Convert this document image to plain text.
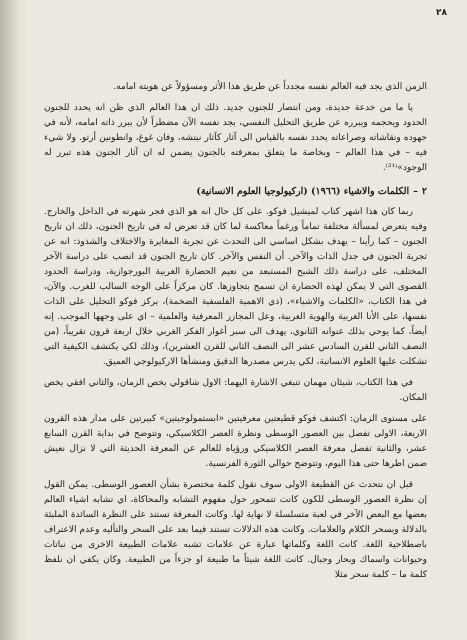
٢٨

الزمن الذي يجد فيه العالم نفسه مجدداً عن طريق هذا الأثر ومسؤولاً عن هويته امامه.

يا ما من خدعة جديدة، ومن انتصار للجنون جديد. ذلك ان هذا العالم الذي ظن انه يحدد للجنون الحدود ويحجمه ويبرره عن طريق التحليل النفسي، يجد نفسه الآن مضطراً لأن يبرر ذاته امامه، لأنه في جهوده ونقاشاته وصراعاته يحدد نفسه بالقياس الى آثار كآثار نيتشه، وفان غوغ، وانطونين أرتو. ولا شيء فيه – في هذا العالم – وبخاصة ما يتعلق بمعرفته بالجنون يضمن له ان آثار الجنون هذه تبرر له الوجود»⁽²¹⁾.

٢–الكلمات والاشياء (١٩٦٦) (اركيولوجيا العلوم الانسانية)

ربما كان هذا اشهر كتاب لميشيل فوكو. على كل حال انه هو الذي فجر شهرته في الداخل والخارج. وفيه يتعرض لمسألة مختلفة تماماً ورغماً معاكسة لما كان قد تعرض له في تاريخ الجنون، ذلك ان تاريخ الجنون – كما رأينا – يهدف بشكل اساسي الى التحدث عن تجربة المغايرة والاختلاف والشذوذ: انه عن تجربة الجنون في جدل الذات والآخر. أن النفس والآخر. كان تاريخ الجنون قد انصب على دراسة الآخر المختلف، على دراسة ذلك الشبح المستبعد من نعيم الحضارة الغربية البورجوازية، ودراسة الحدود القصوى التي لا يمكن لهذه الحضارة ان تسمح بتجاوزها. كان مركزاً على الوجه السالب للغرب. والآن، في هذا الكتاب، «الكلمات والاشياء»، (ذي الاهمية الفلسفية الضخمة)، يركز فوكو التحليل على الذات نفسها، على الأنا الغربية والهوية الغربية، وعل المجازر المعرفية والعلمية – اي على وجهها الموجب. إنه أيضاً، كما يوحي بذلك عنوانه الثانوي، يهدف الى سبر أغوار الفكر الغربي خلال اربعة قرون تقريباً، (من النصف الثاني للقرن السادس عشر الى النصف الثاني للقرن العشرين)، وذلك لكي يكتشف الكيفية التي تشكلت عليها العلوم الانسانية، لكي يدرس مصدرها الدقيق ومنشأها الاركيولوجي العميق.

في هذا الكتاب، شيئان مهمان تنبغي الاشارة اليهما: الاول شاقولي يخص الزمان، والثاني افقي يخص المكان.

على مستوى الزمان: اكتشف فوكو قطيعتين معرفيتين «ابستمولوجيتين» كبيرتين على مدار هذه القرون الاربعة، الاولى تفصل بين العصور الوسطى ونظرة العصر الكلاسيكي، وتتوضح في بداية القرن السابع عشر، والثانية تفصل معرفة العصر الكلاسيكي ورؤياه للعالم عن المعرفة الحديثة التي لا نزال نعيش ضمن اطرها حتى هذا اليوم، وتتوضح حوالي الثورة الفرنسية.

قبل ان نتحدث عن القطيعة الاولى سوف نقول كلمة مختصرة بشأن العصور الوسطى. يمكن القول إن نظرة العصور الوسطى للكون كانت تتمحور حول مفهوم التشابه والمحاكاة، اي تشابه اشياء العالم بعضها مع البعض الآخر في لعبة متسلسلة لا نهاية لها. وكانت المعرفة تستند على النظرة السائدة الملبئة بالدلالة وبسحر الكلام والعلامات. وكانت هذه الدلالات تستند فيما بعد على السحر والتأليه وعدم الاعتراف باصطلاحية اللغة. كانت اللغة وكلماتها عبارة عن علامات تشبه علامات الطبيعة الاخرى من نباتات وحيوانات واسماك وبحار وجبال. كانت اللغة شيئاً ما طبيعة او جزءاً من الطبيعة. وكان يكفي ان نلفظ كلمة ما – كلمة سحر مثلا
